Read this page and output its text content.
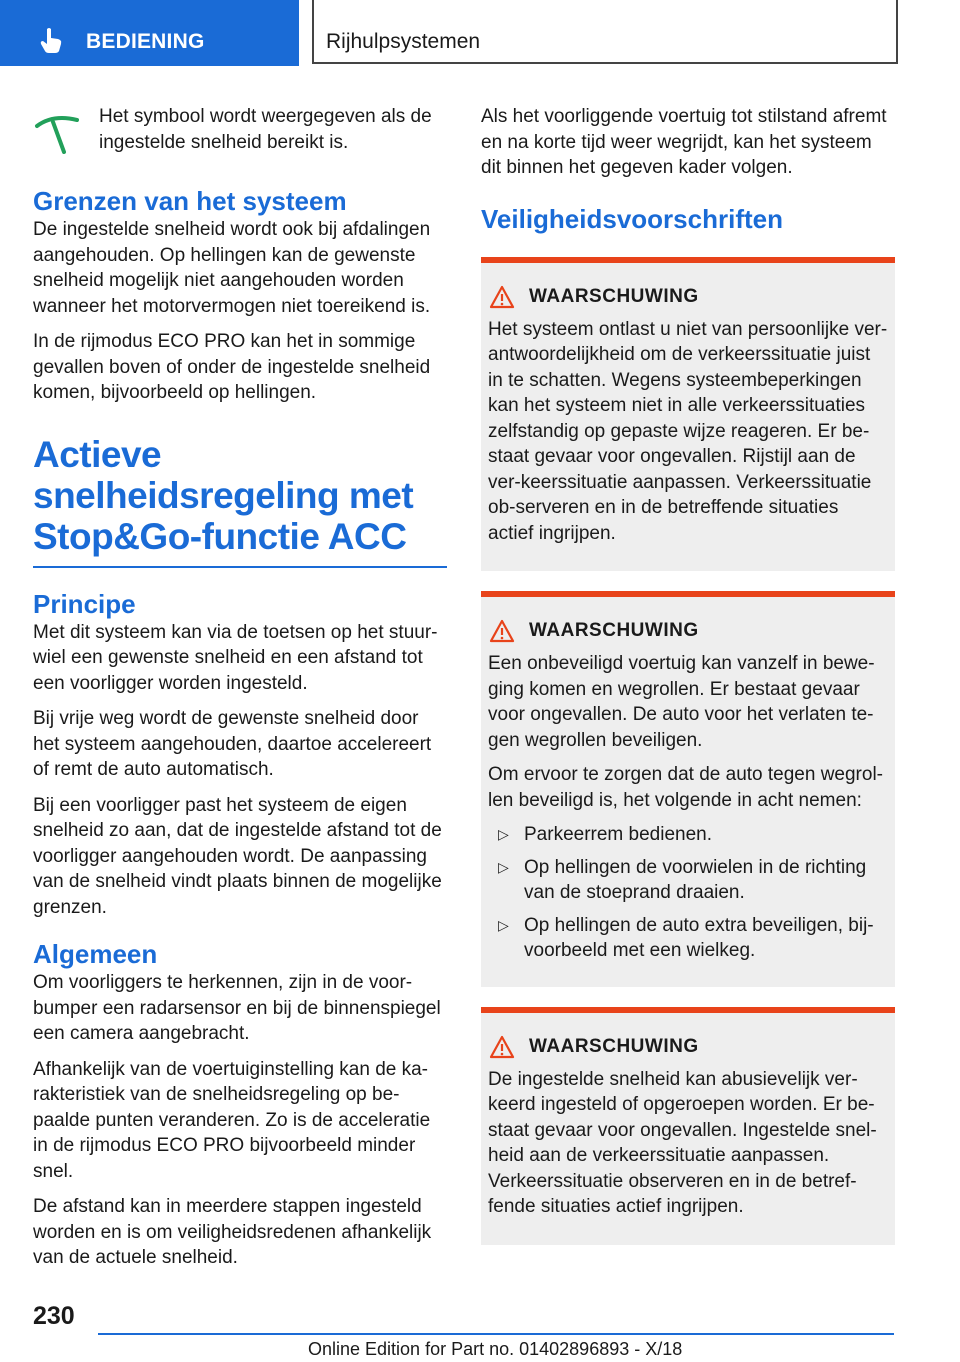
BEDIENING	Rijhulpsystemen

Het symbool wordt weergegeven als de ingestelde snelheid bereikt is.

Grenzen van het systeem

De ingestelde snelheid wordt ook bij afdalingen aangehouden. Op hellingen kan de gewenste snelheid mogelijk niet aangehouden worden wanneer het motorvermogen niet toereikend is.

In de rijmodus ECO PRO kan het in sommige gevallen boven of onder de ingestelde snelheid komen, bijvoorbeeld op hellingen.

Actieve snelheidsregeling met Stop&Go-functie ACC
Principe

Met dit systeem kan via de toetsen op het stuur-wiel een gewenste snelheid en een afstand tot een voorligger worden ingesteld.

Bij vrije weg wordt de gewenste snelheid door het systeem aangehouden, daartoe accelereert of remt de auto automatisch.

Bij een voorligger past het systeem de eigen snelheid zo aan, dat de ingestelde afstand tot de voorligger aangehouden wordt. De aanpassing van de snelheid vindt plaats binnen de mogelijke grenzen.

Algemeen

Om voorliggers te herkennen, zijn in de voor-bumper een radarsensor en bij de binnenspiegel een camera aangebracht.

Afhankelijk van de voertuiginstelling kan de ka-rakteristiek van de snelheidsregeling op be-paalde punten veranderen. Zo is de acceleratie in de rijmodus ECO PRO bijvoorbeeld minder snel.

De afstand kan in meerdere stappen ingesteld worden en is om veiligheidsredenen afhankelijk van de actuele snelheid.

Als het voorliggende voertuig tot stilstand afremt en na korte tijd weer wegrijdt, kan het systeem dit binnen het gegeven kader volgen.

Veiligheidsvoorschriften
WAARSCHUWING

Het systeem ontlast u niet van persoonlijke ver-antwoordelijkheid om de verkeerssituatie juist in te schatten. Wegens systeembeperkingen kan het systeem niet in alle verkeerssituaties zelfstandig op gepaste wijze reageren. Er be-staat gevaar voor ongevallen. Rijstijl aan de ver-keerssituatie aanpassen. Verkeerssituatie ob-serveren en in de betreffende situaties actief ingrijpen.

WAARSCHUWING

Een onbeveiligd voertuig kan vanzelf in bewe-ging komen en wegrollen. Er bestaat gevaar voor ongevallen. De auto voor het verlaten te-gen wegrollen beveiligen.

Om ervoor te zorgen dat de auto tegen wegrol-len beveiligd is, het volgende in acht nemen:

▷ Parkeerrem bedienen.
▷ Op hellingen de voorwielen in de richting van de stoeprand draaien.
▷ Op hellingen de auto extra beveiligen, bij-voorbeeld met een wielkeg.
WAARSCHUWING

De ingestelde snelheid kan abusievelijk ver-keerd ingesteld of opgeroepen worden. Er be-staat gevaar voor ongevallen. Ingestelde snel-heid aan de verkeerssituatie aanpassen. Verkeerssituatie observeren en in de betref-fende situaties actief ingrijpen.

230
Online Edition for Part no. 01402896893 - X/18
